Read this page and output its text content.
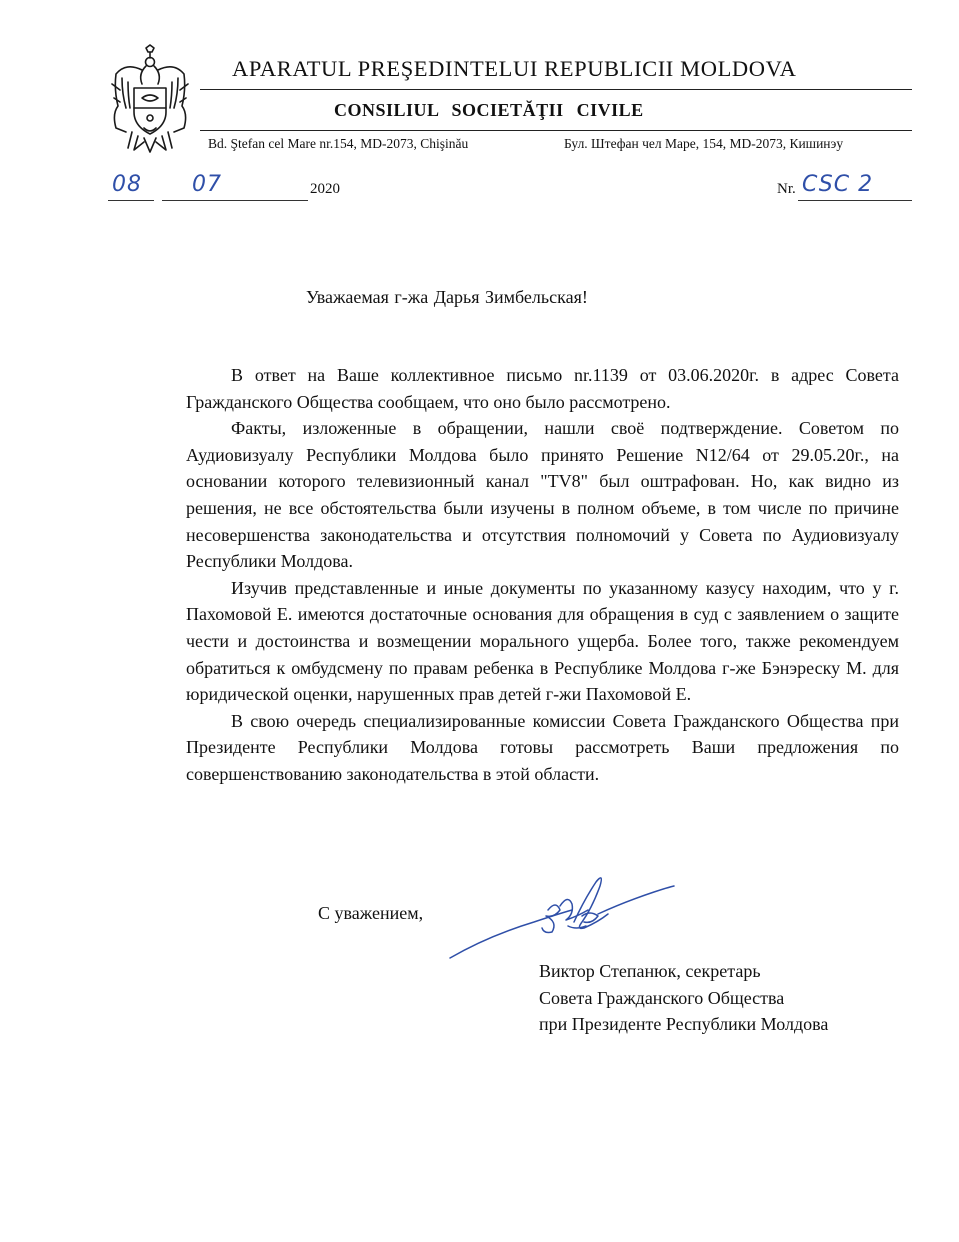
APARATUL PREŞEDINTELUI REPUBLICII MOLDOVA
CONSILIUL SOCIETĂŢII CIVILE
Bd. Ştefan cel Mare nr.154, MD-2073, Chişinău	Бул. Штефан чел Маре, 154, MD-2073, Кишинэу
08 07	2020	Nr. CSC 2
Уважаемая г-жа Дарья Зимбельская!

В ответ на Ваше коллективное письмо nr.1139 от 03.06.2020г. в адрес Совета Гражданского Общества сообщаем, что оно было рассмотрено.

Факты, изложенные в обращении, нашли своё подтверждение. Советом по Аудиовизуалу Республики Молдова было принято Решение N12/64 от 29.05.20г., на основании которого телевизионный канал "TV8" был оштрафован. Но, как видно из решения, не все обстоятельства были изучены в полном объеме, в том числе по причине несовершенства законодательства и отсутствия полномочий у Совета по Аудиовизуалу Республики Молдова.

Изучив представленные и иные документы по указанному казусу находим, что у г. Пахомовой Е. имеются достаточные основания для обращения в суд с заявлением о защите чести и достоинства и возмещении морального ущерба. Более того, также рекомендуем обратиться к омбудсмену по правам ребенка в Республике Молдова г-же Бэнэреску М. для юридической оценки, нарушенных прав детей г-жи Пахомовой Е.

В свою очередь специализированные комиссии Совета Гражданского Общества при Президенте Республики Молдова готовы рассмотреть Ваши предложения по совершенствованию законодательства в этой области.

С уважением,
Виктор Степанюк, секретарь
Совета Гражданского Общества
при Президенте Республики Молдова
